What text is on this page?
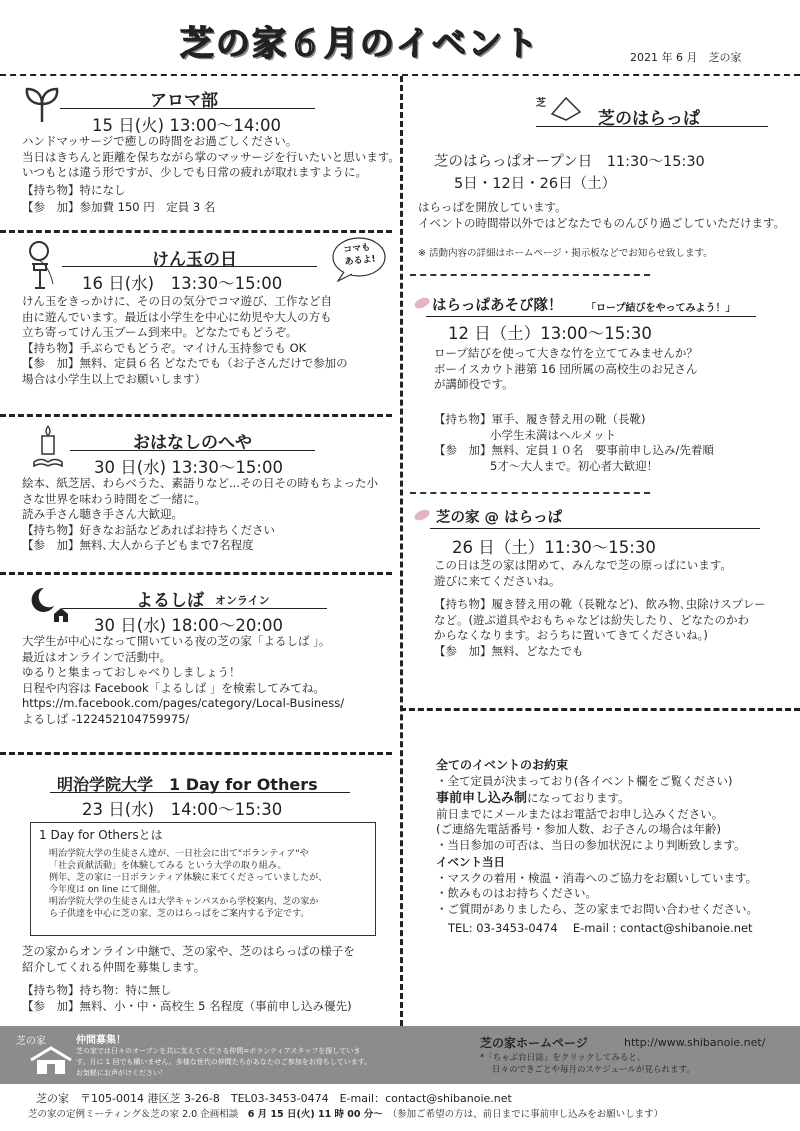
芝の家６月のイベント	2021 年 6 月　芝の家
アロマ部
15 日(火) 13:00～14:00
ハンドマッサージで癒しの時間をお過ごしください。
当日はきちんと距離を保ちながら掌のマッサージを行いたいと思います。
いつもとは違う形ですが、少しでも日常の疲れが取れますように。
【持ち物】特になし
【参　加】参加費 150 円　定員 3 名
けん玉の日
16 日(水)　13:30～15:00
コマも
あるよ!
けん玉をきっかけに、その日の気分でコマ遊び、工作など自
由に遊んでいます。最近は小学生を中心に幼児や大人の方も
立ち寄ってけん玉ブーム到来中。どなたでもどうぞ。
【持ち物】手ぶらでもどうぞ。マイけん玉持参でも OK
【参　加】無料、定員６名 どなたでも（お子さんだけで参加の
場合は小学生以上でお願いします）
おはなしのへや
30 日(水) 13:30～15:00
絵本、紙芝居、わらべうた、素語りなど...その日その時もちよった小
さな世界を味わう時間をご一緒に。
読み手さん聴き手さん大歓迎。
【持ち物】好きなお話などあればお持ちください
【参　加】無料､大人から子どもまで7名程度
よるしば オンライン
30 日(水) 18:00～20:00
大学生が中心になって開いている夜の芝の家「よるしば 」。
最近はオンラインで活動中。
ゆるりと集まっておしゃべりしましょう！
日程や内容は Facebook「よるしば 」を検索してみてね。
https://m.facebook.com/pages/category/Local-Business/
よるしば -122452104759975/
明治学院大学　1 Day for Others
23 日(水)　14:00～15:30
1 Day for Othersとは
明治学院大学の生徒さん達が、一日社会に出て"ボランティア"や
「社会貢献活動」を体験してみる という大学の取り組み。
例年、芝の家に一日ボランティア体験に来てくださっていましたが、
今年度は on line にて開催。
明治学院大学の生徒さんは大学キャンパスから学校案内、芝の家か
ら子供達を中心に芝の家、芝のはらっぱをご案内する予定です。
芝の家からオンライン中継で、芝の家や、芝のはらっぱの様子を
紹介してくれる仲間を募集します。
【持ち物】持ち物：特に無し
【参　加】無料、小・中・高校生 5 名程度（事前申し込み優先)
芝
芝のはらっぱ
芝のはらっぱオープン日　11:30～15:30
5日・12日・26日（土）
はらっぱを開放しています。
イベントの時間帯以外ではどなたでものんびり過ごしていただけます。
※ 活動内容の詳細はホームページ・掲示板などでお知らせ致します。
はらっぱあそび隊！ 「ロープ結びをやってみよう！」
12 日（土）13:00～15:30
ロープ結びを使って大きな竹を立ててみませんか？
ボーイスカウト港第 16 団所属の高校生のお兄さん
が講師役です。
【持ち物】軍手、履き替え用の靴（長靴)
小学生未満はヘルメット
【参　加】無料、定員１０名　要事前申し込み/先着順
5才～大人まで。初心者大歓迎！
芝の家 @ はらっぱ
26 日（土）11:30～15:30
この日は芝の家は閉めて、みんなで芝の原っぱにいます。
遊びに来てくださいね。
【持ち物】履き替え用の靴（長靴など)、飲み物､虫除けスプレー
など。(遊ぶ道具やおもちゃなどは紛失したり、どなたのかわ
からなくなります。おうちに置いてきてくださいね。)
【参　加】無料、どなたでも
全てのイベントのお約束
・全て定員が決まっており(各イベント欄をご覧ください)
事前申し込み制になっております。
前日までにメールまたはお電話でお申し込みください。
(ご連絡先電話番号・参加人数、お子さんの場合は年齢)
・当日参加の可否は、当日の参加状況により判断致します。
イベント当日
・マスクの着用・検温・消毒へのご協力をお願いしています。
・飲みものはお持ちください。
・ご質問がありましたら、芝の家までお問い合わせください。
TEL: 03-3453-0474　 E-mail : contact@shibanoie.net
芝の家	仲間募集！
芝の家では日々のオープンを共に支えてくださる仲間=ボランティアスタッフを探していま
す。月に 1 回でも構いません。多様な世代の仲間たちがあなたのご参加をお待ちしています。
お気軽にお声がけください！
芝の家ホームページ	http://www.shibanoie.net/
*「ちゃぶ台日誌」をクリックしてみると、
日々のできごとや毎月のスケジュールが見られます。
芝の家　〒105-0014 港区芝 3-26-8　TEL03-3453-0474　E-mail：contact@shibanoie.net
芝の家の定例ミーティング＆芝の家 2.0 企画相談　 6 月 15 日(火) 11 時 00 分～　 （参加ご希望の方は、前日までに事前申し込みをお願いします）
